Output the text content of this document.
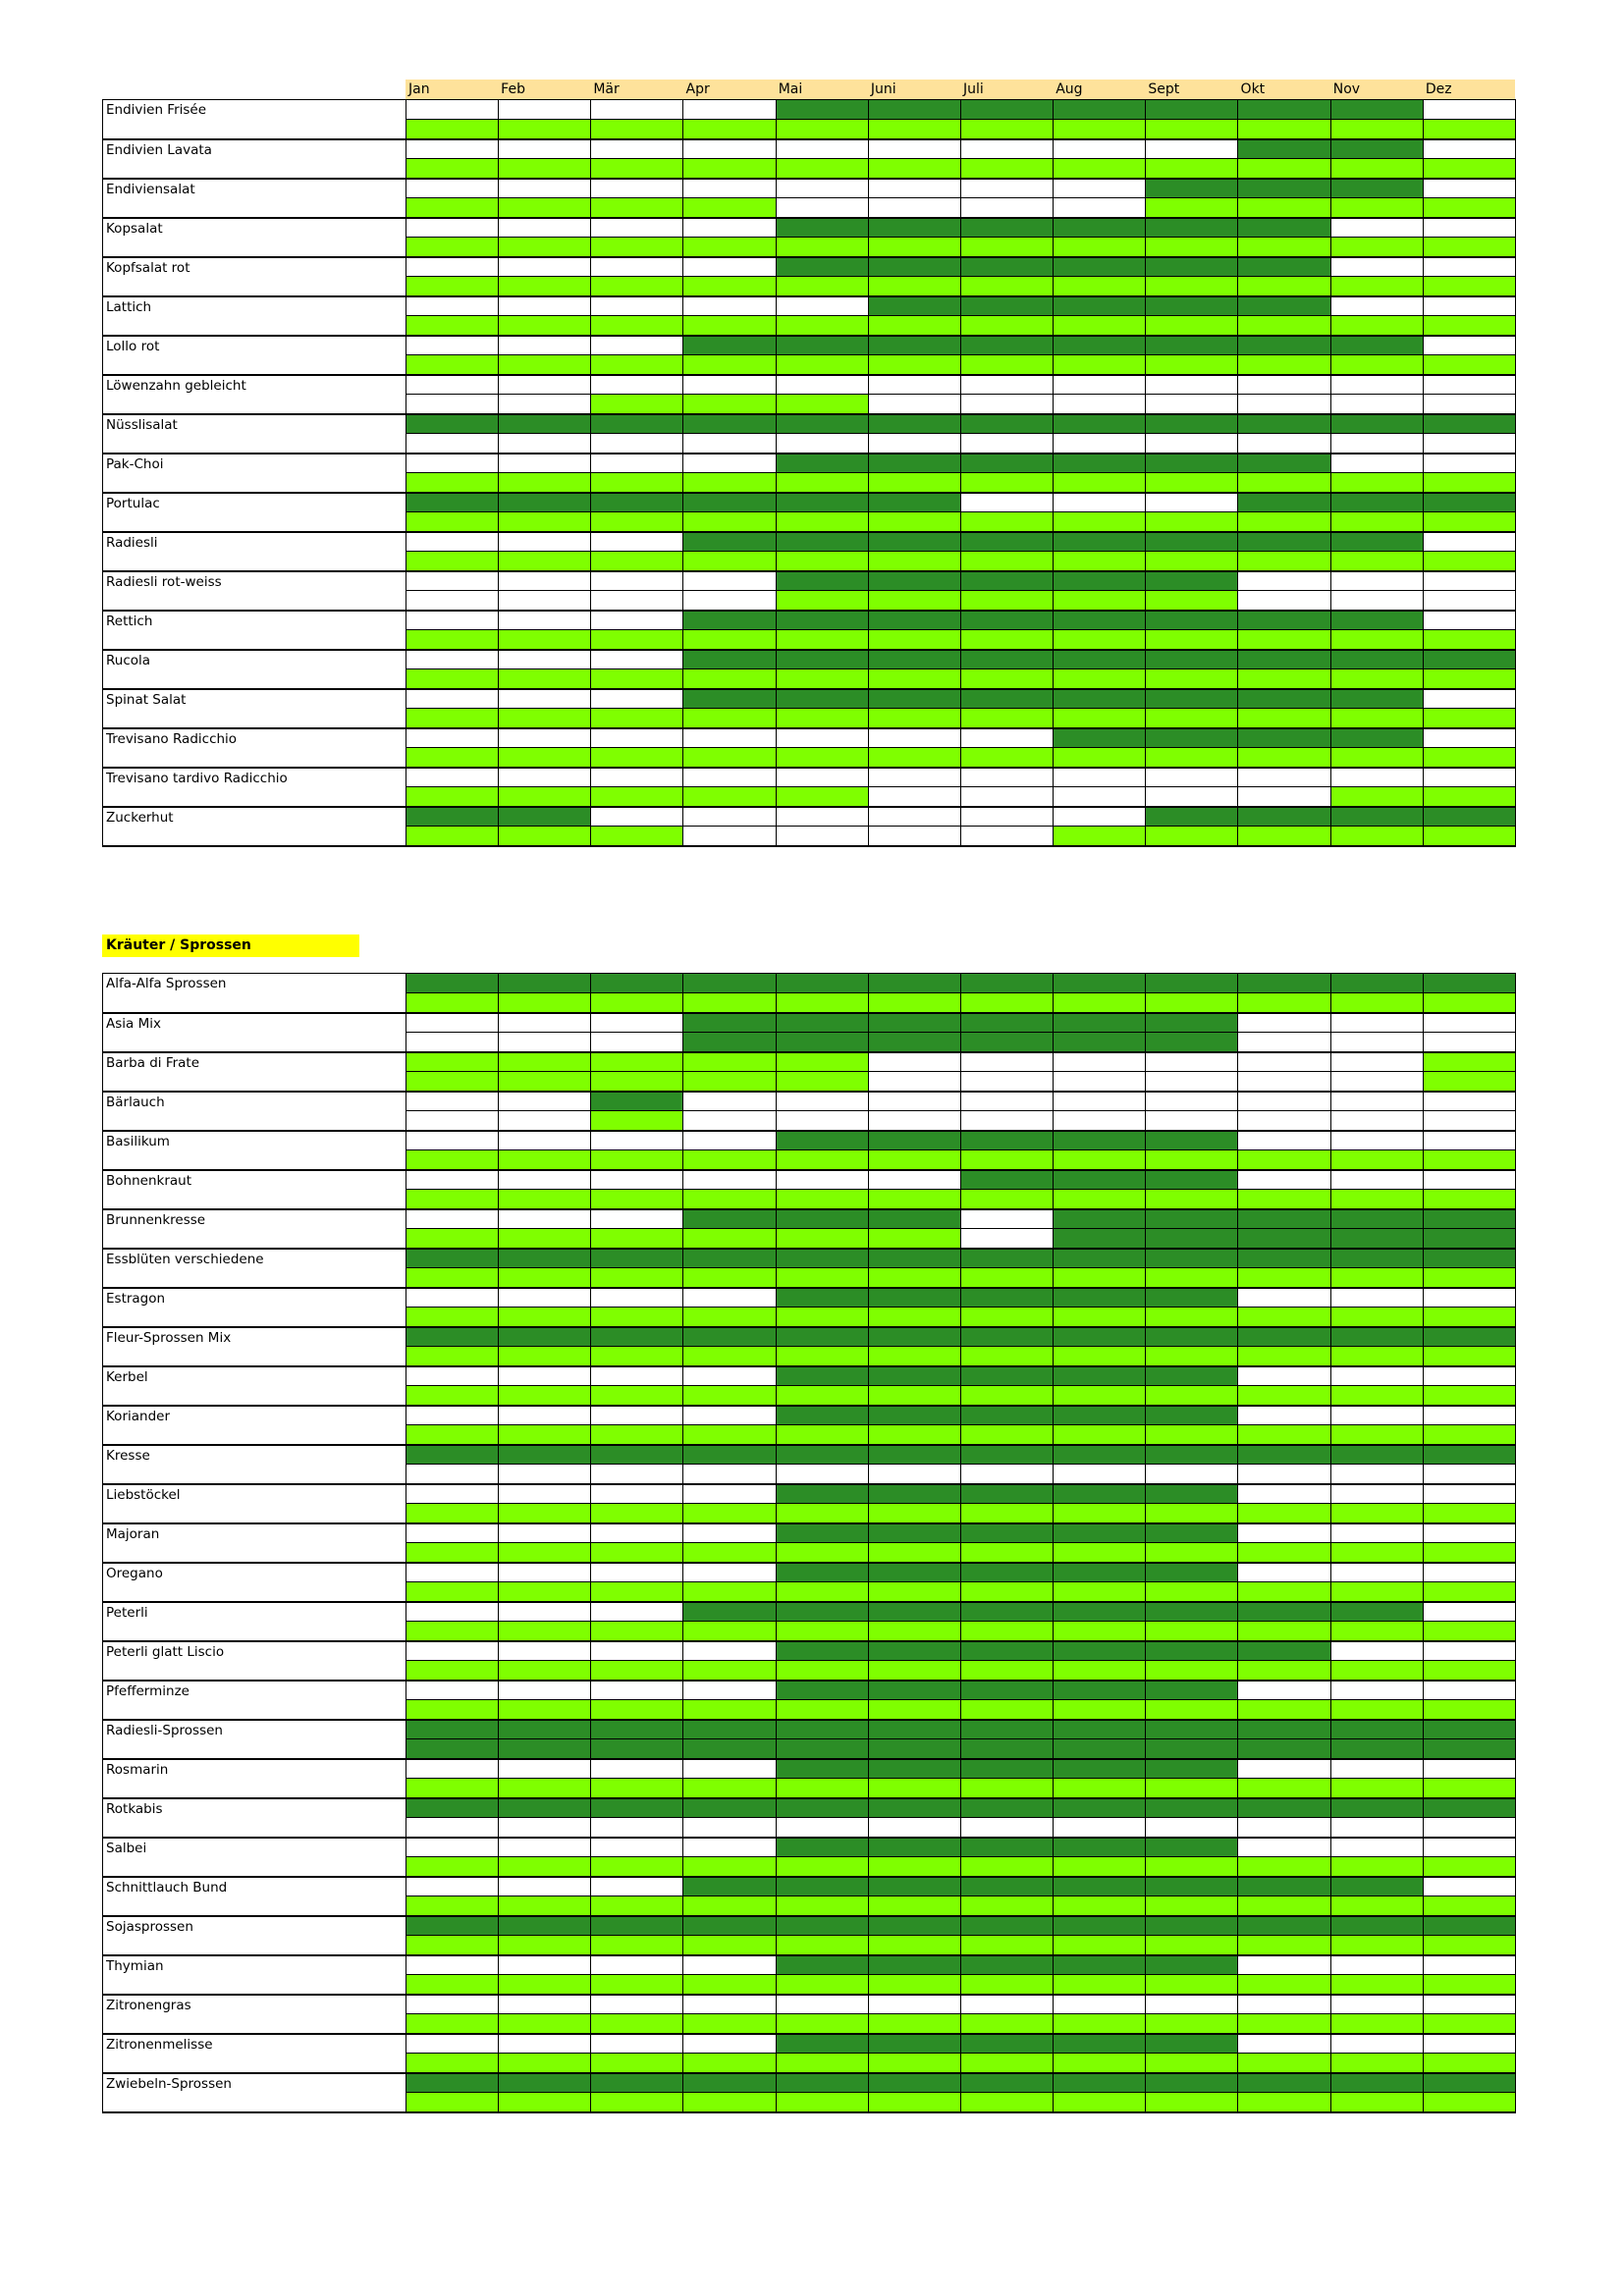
Jan	Feb	Mär	Apr	Mai	Juni	Juli	Aug	Sept	Okt	Nov	Dez
Endivien Frisée												

Endivien Lavata												

Endiviensalat												

Kopsalat												

Kopfsalat rot												

Lattich												

Lollo rot												

Löwenzahn gebleicht												

Nüsslisalat												

Pak-Choi												

Portulac												

Radiesli												

Radiesli rot-weiss												

Rettich												

Rucola												

Spinat Salat												

Trevisano Radicchio												

Trevisano tardivo Radicchio												

Zuckerhut												

Kräuter / Sprossen
Alfa-Alfa Sprossen												

Asia Mix												

Barba di Frate												

Bärlauch												

Basilikum												

Bohnenkraut												

Brunnenkresse												

Essblüten verschiedene												

Estragon												

Fleur-Sprossen Mix												

Kerbel												

Koriander												

Kresse												

Liebstöckel												

Majoran												

Oregano												

Peterli												

Peterli glatt Liscio												

Pfefferminze												

Radiesli-Sprossen												

Rosmarin												

Rotkabis												

Salbei												

Schnittlauch Bund												

Sojasprossen												

Thymian												

Zitronengras												

Zitronenmelisse												

Zwiebeln-Sprossen												
